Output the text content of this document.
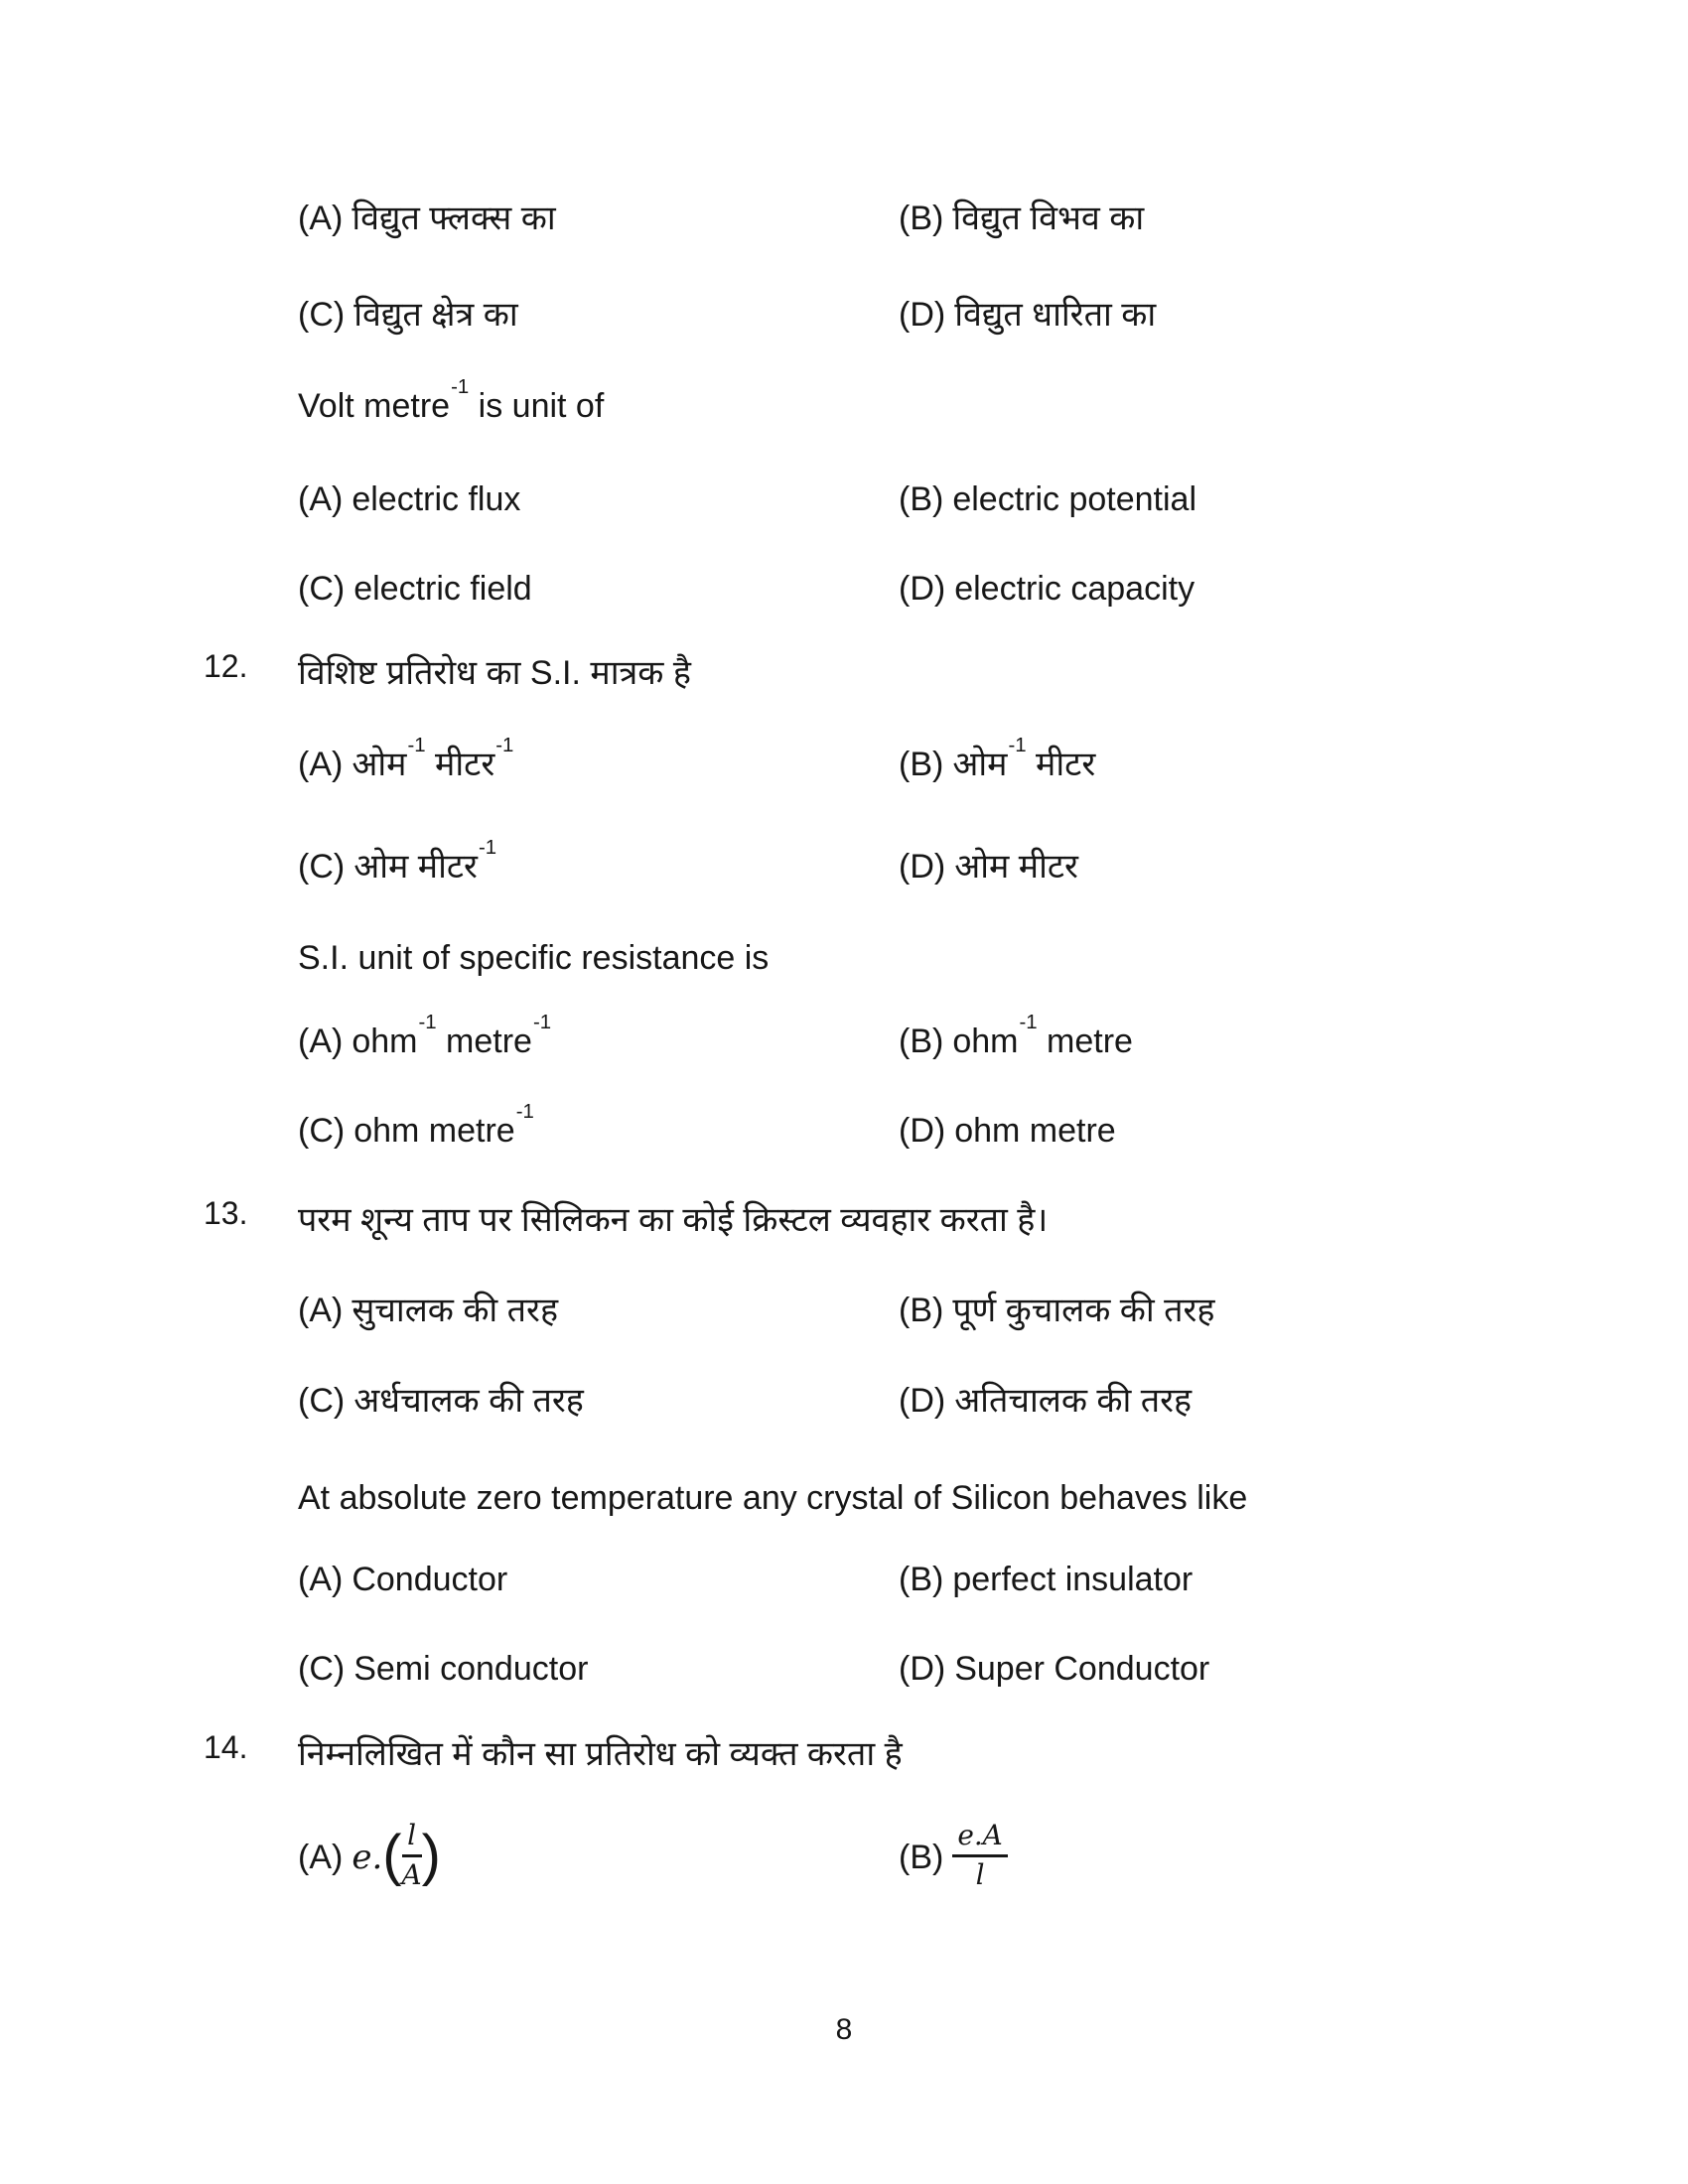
(A) विद्युत फ्लक्स का	(B) विद्युत विभव का
(C) विद्युत क्षेत्र का	(D) विद्युत धारिता का
Volt metre$^{-1}$ is unit of
(A) electric flux	(B) electric potential
(C) electric field	(D) electric capacity
12. विशिष्ट प्रतिरोध का S.I. मात्रक है
(A) ओम$^{-1}$ मीटर$^{-1}$	(B) ओम$^{-1}$ मीटर
(C) ओम मीटर$^{-1}$	(D) ओम मीटर
S.I. unit of specific resistance is
(A) ohm$^{-1}$ metre$^{-1}$	(B) ohm$^{-1}$ metre
(C) ohm metre$^{-1}$	(D) ohm metre
13. परम शून्य ताप पर सिलिकन का कोई क्रिस्टल व्यवहार करता है।
(A) सुचालक की तरह	(B) पूर्ण कुचालक की तरह
(C) अर्धचालक की तरह	(D) अतिचालक की तरह
At absolute zero temperature any crystal of Silicon behaves like
(A) Conductor	(B) perfect insulator
(C) Semi conductor	(D) Super Conductor
14. निम्नलिखित में कौन सा प्रतिरोध को व्यक्त करता है
(A) $e.( \frac{l}{A}$ )	$(B) \frac{e.A}{l}$
8
